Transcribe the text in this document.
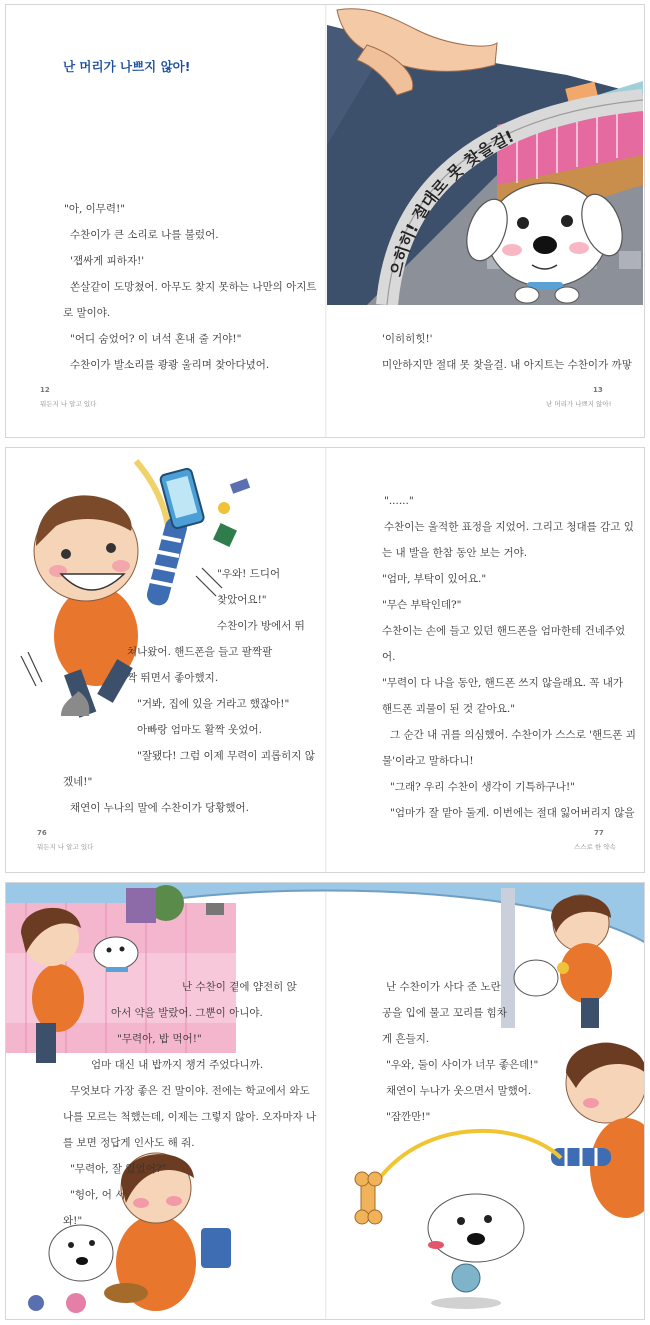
난 머리가 나쁘지 않아!
"아, 이무력!"
수찬이가 큰 소리로 나를 불렀어.
'잽싸게 피하자!'
쏜살같이 도망쳤어. 아무도 찾지 못하는 나만의 아지트
로 말이야.
"어디 숨었어? 이 녀석 혼내 줄 거야!"
수찬이가 발소리를 쾅쾅 울리며 찾아다녔어.
12
뭐든지 나 알고 있다
으히히! 절대로 못 찾을걸!
'이히히힛!'
미안하지만 절대 못 찾을걸. 내 아지트는 수찬이가 까맣
13
난 머리가 나쁘지 않아!
"우와! 드디어
찾았어요!"
수찬이가 방에서 뛰
쳐나왔어. 핸드폰을 들고 팔짝팔
짝 뛰면서 좋아했지.
"거봐, 집에 있을 거라고 했잖아!"
아빠랑 엄마도 활짝 웃었어.
"잘됐다! 그럼 이제 무력이 괴롭히지 않
겠네!"
채연이 누나의 말에 수찬이가 당황했어.
76
뭐든지 나 알고 있다
"......"
수찬이는 울적한 표정을 지었어. 그리고 청대를 감고 있
는 내 발을 한참 동안 보는 거야.
"엄마, 부탁이 있어요."
"무슨 부탁인데?"
수찬이는 손에 들고 있던 핸드폰을 엄마한테 건네주었
어.
"무력이 다 나을 동안, 핸드폰 쓰지 않을래요. 꼭 내가
핸드폰 괴물이 된 것 같아요."
그 순간 내 귀를 의심했어. 수찬이가 스스로 '핸드폰 괴
물'이라고 말하다니!
"그래? 우리 수찬이 생각이 기특하구나!"
"엄마가 잘 맡아 둘게. 이번에는 절대 잃어버리지 않을
77
스스로 한 약속
난 수찬이 곁에 얌전히 앉
아서 약을 발랐어. 그뿐이 아니야.
"무력아, 밥 먹어!"
엄마 대신 내 밥까지 챙겨 주었다니까.
무엇보다 가장 좋은 건 말이야. 전에는 학교에서 와도
나를 모르는 척했는데, 이제는 그렇지 않아. 오자마자 나
를 보면 정답게 인사도 해 줘.
"무력아, 잘 있었어?"
"헝아, 어 서
와!"
난 수찬이가 사다 준 노란
공을 입에 물고 꼬리를 힘차
게 흔들지.
"우와, 둘이 사이가 너무 좋은데!"
채연이 누나가 웃으면서 말했어.
"잠깐만!"
